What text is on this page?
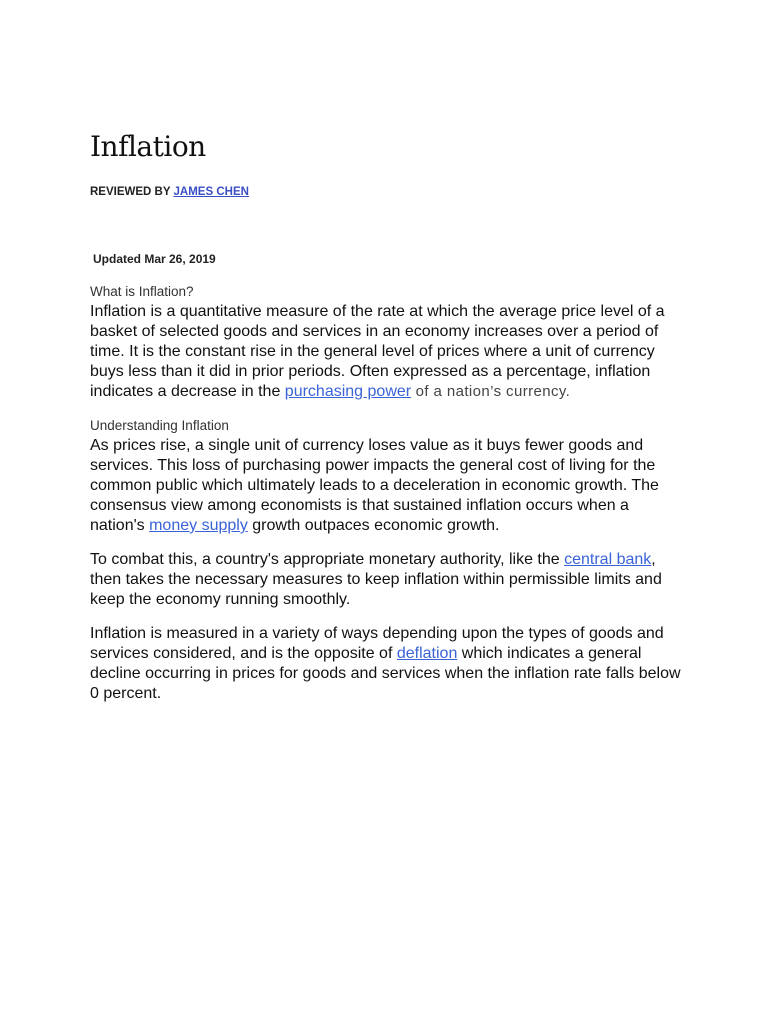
Inflation
REVIEWED BY JAMES CHEN
Updated Mar 26, 2019
What is Inflation?

Inflation is a quantitative measure of the rate at which the average price level of a basket of selected goods and services in an economy increases over a period of time. It is the constant rise in the general level of prices where a unit of currency buys less than it did in prior periods. Often expressed as a percentage, inflation indicates a decrease in the purchasing power of a nation’s currency.

Understanding Inflation

As prices rise, a single unit of currency loses value as it buys fewer goods and services. This loss of purchasing power impacts the general cost of living for the common public which ultimately leads to a deceleration in economic growth. The consensus view among economists is that sustained inflation occurs when a nation's money supply growth outpaces economic growth.

To combat this, a country's appropriate monetary authority, like the central bank, then takes the necessary measures to keep inflation within permissible limits and keep the economy running smoothly.

Inflation is measured in a variety of ways depending upon the types of goods and services considered, and is the opposite of deflation which indicates a general decline occurring in prices for goods and services when the inflation rate falls below 0 percent.
